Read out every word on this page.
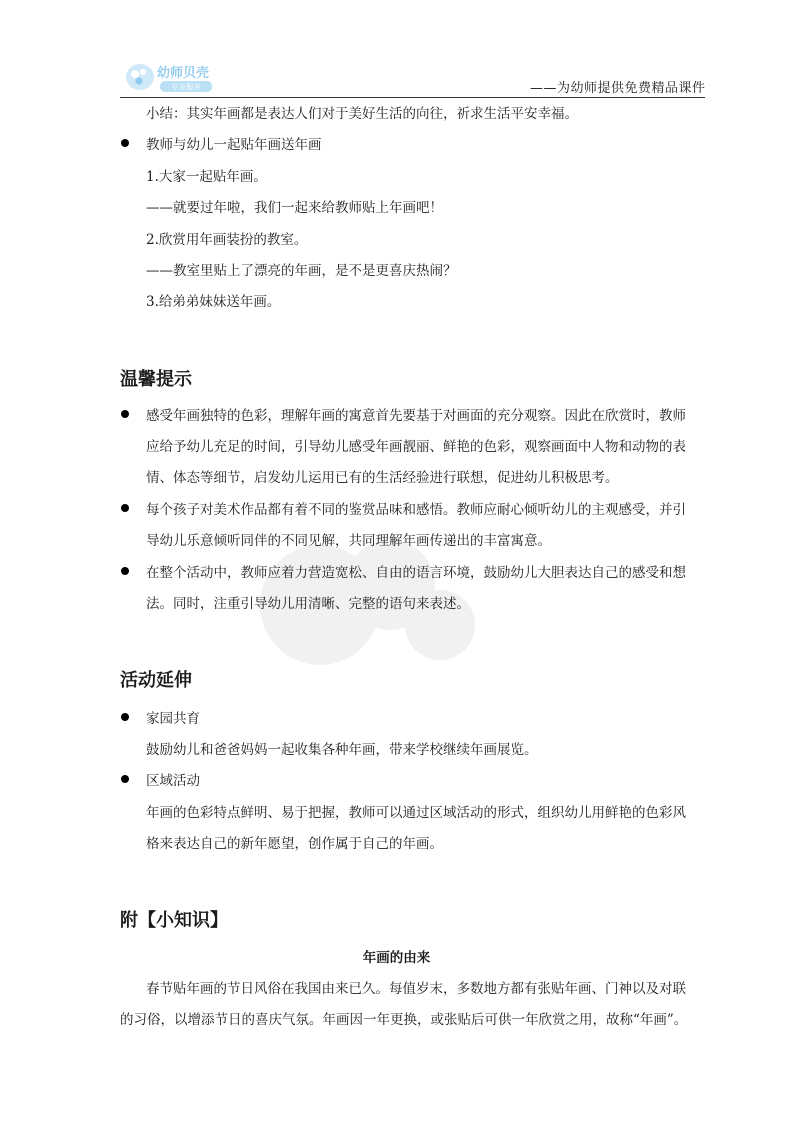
幼师贝壳
专业服务	——为幼师提供免费精品课件
小结：其实年画都是表达人们对于美好生活的向往，祈求生活平安幸福。
教师与幼儿一起贴年画送年画
1.大家一起贴年画。
——就要过年啦，我们一起来给教师贴上年画吧！
2.欣赏用年画装扮的教室。
——教室里贴上了漂亮的年画，是不是更喜庆热闹？
3.给弟弟妹妹送年画。
温馨提示
感受年画独特的色彩，理解年画的寓意首先要基于对画面的充分观察。因此在欣赏时，教师
应给予幼儿充足的时间，引导幼儿感受年画靓丽、鲜艳的色彩，观察画面中人物和动物的表
情、体态等细节，启发幼儿运用已有的生活经验进行联想，促进幼儿积极思考。
每个孩子对美术作品都有着不同的鉴赏品味和感悟。教师应耐心倾听幼儿的主观感受，并引
导幼儿乐意倾听同伴的不同见解，共同理解年画传递出的丰富寓意。
在整个活动中，教师应着力营造宽松、自由的语言环境，鼓励幼儿大胆表达自己的感受和想
法。同时，注重引导幼儿用清晰、完整的语句来表述。
活动延伸
家园共育
鼓励幼儿和爸爸妈妈一起收集各种年画，带来学校继续年画展览。
区域活动
年画的色彩特点鲜明、易于把握，教师可以通过区域活动的形式，组织幼儿用鲜艳的色彩风
格来表达自己的新年愿望，创作属于自己的年画。
附【小知识】
年画的由来
春节贴年画的节日风俗在我国由来已久。每值岁末，多数地方都有张贴年画、门神以及对联
的习俗，以增添节日的喜庆气氛。年画因一年更换，或张贴后可供一年欣赏之用，故称“年画”。
